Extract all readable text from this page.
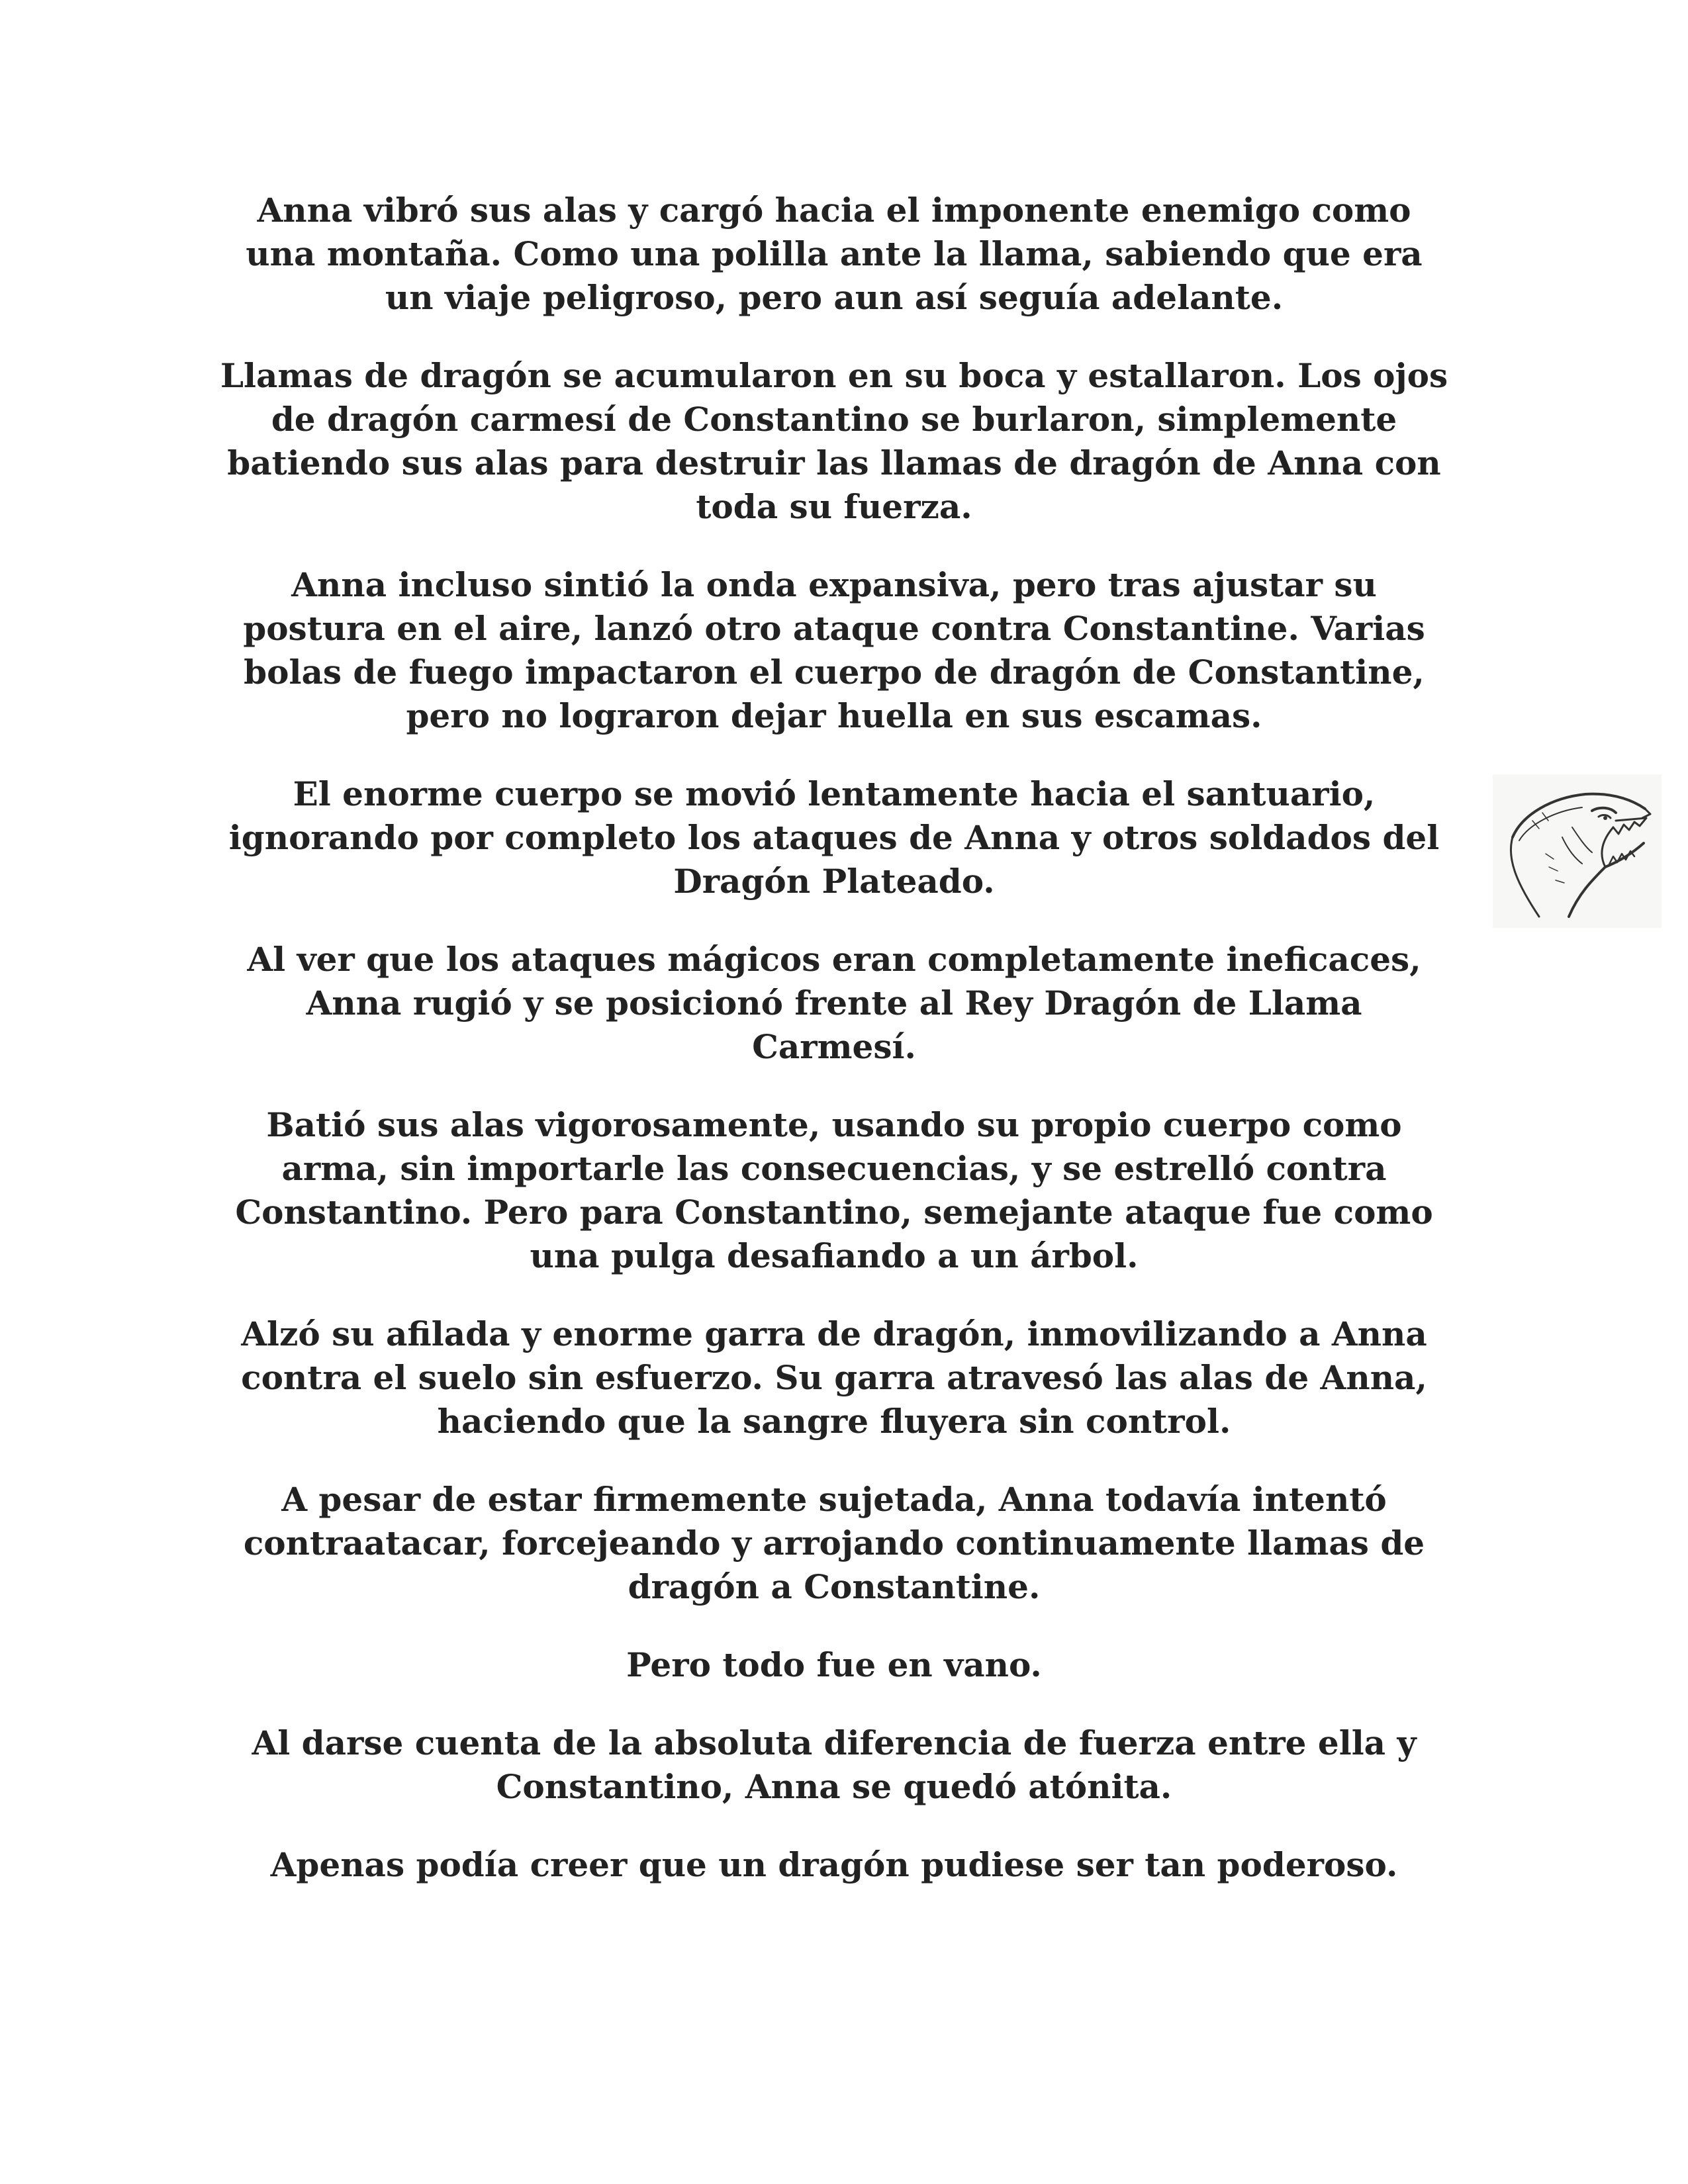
Anna vibró sus alas y cargó hacia el imponente enemigo como una montaña. Como una polilla ante la llama, sabiendo que era un viaje peligroso, pero aun así seguía adelante.

Llamas de dragón se acumularon en su boca y estallaron. Los ojos de dragón carmesí de Constantino se burlaron, simplemente batiendo sus alas para destruir las llamas de dragón de Anna con toda su fuerza.

Anna incluso sintió la onda expansiva, pero tras ajustar su postura en el aire, lanzó otro ataque contra Constantine. Varias bolas de fuego impactaron el cuerpo de dragón de Constantine, pero no lograron dejar huella en sus escamas.

El enorme cuerpo se movió lentamente hacia el santuario, ignorando por completo los ataques de Anna y otros soldados del Dragón Plateado.

Al ver que los ataques mágicos eran completamente ineficaces, Anna rugió y se posicionó frente al Rey Dragón de Llama Carmesí.

Batió sus alas vigorosamente, usando su propio cuerpo como arma, sin importarle las consecuencias, y se estrelló contra Constantino. Pero para Constantino, semejante ataque fue como una pulga desafiando a un árbol.

Alzó su afilada y enorme garra de dragón, inmovilizando a Anna contra el suelo sin esfuerzo. Su garra atravesó las alas de Anna, haciendo que la sangre fluyera sin control.

A pesar de estar firmemente sujetada, Anna todavía intentó contraatacar, forcejeando y arrojando continuamente llamas de dragón a Constantine.

Pero todo fue en vano.

Al darse cuenta de la absoluta diferencia de fuerza entre ella y Constantino, Anna se quedó atónita.

Apenas podía creer que un dragón pudiese ser tan poderoso.
